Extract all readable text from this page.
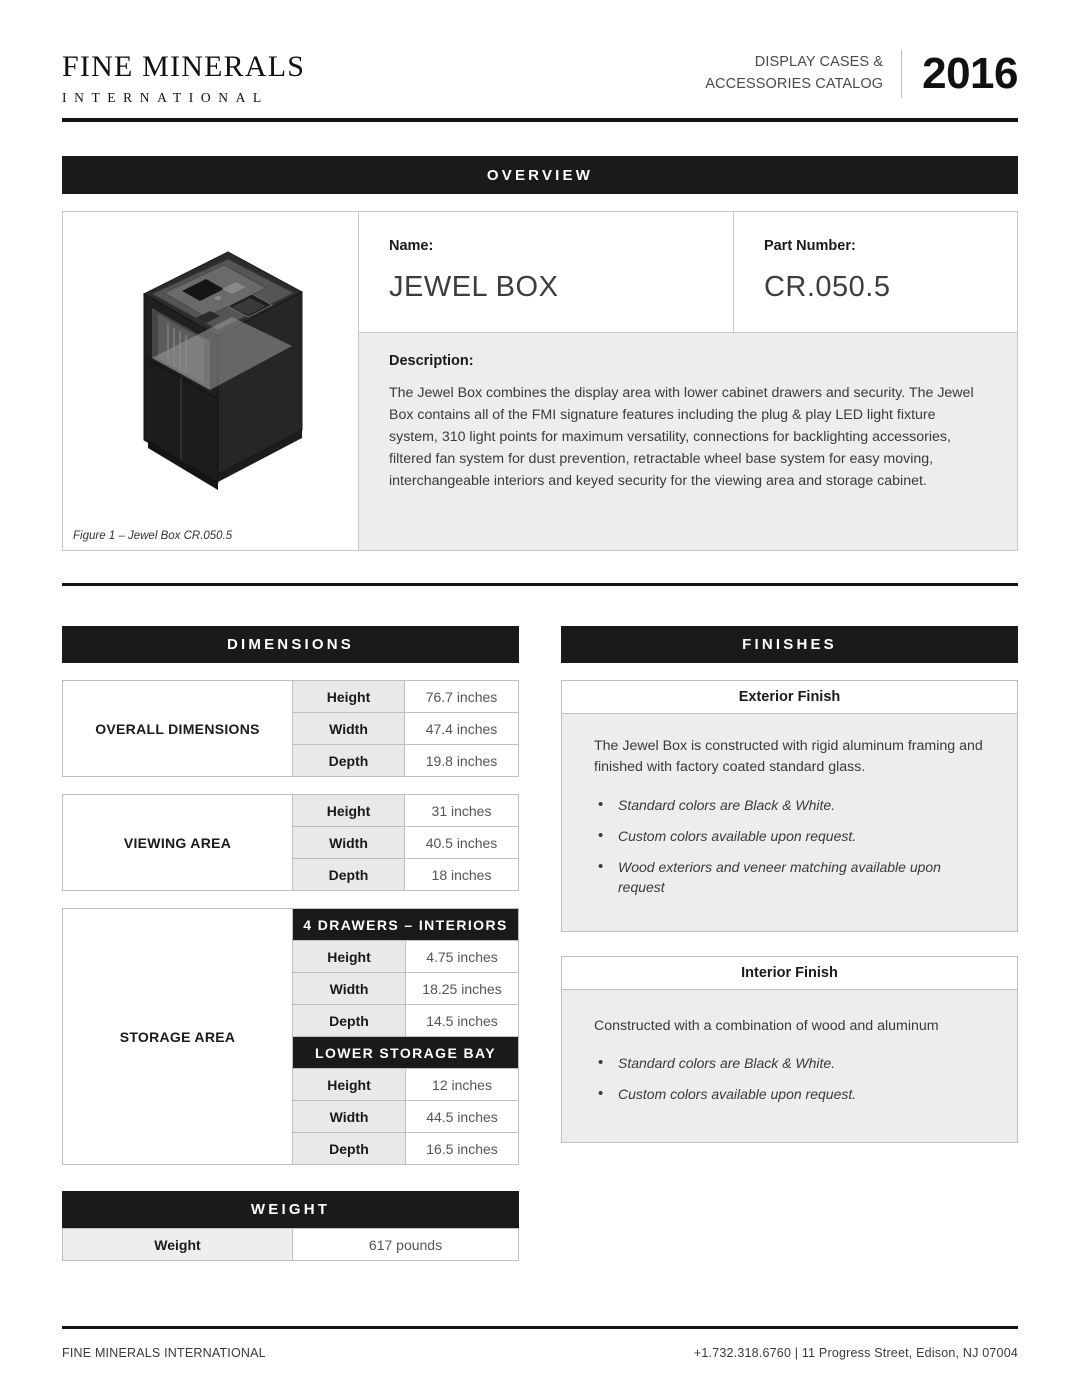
FINE MINERALS
INTERNATIONAL
DISPLAY CASES &
ACCESSORIES CATALOG 2016
OVERVIEW
Figure 1 – Jewel Box CR.050.5
Name:
JEWEL BOX
Part Number:
CR.050.5
Description:
The Jewel Box combines the display area with lower cabinet drawers and security. The Jewel Box contains all of the FMI signature features including the plug & play LED light fixture system, 310 light points for maximum versatility, connections for backlighting accessories, filtered fan system for dust prevention, retractable wheel base system for easy moving, interchangeable interiors and keyed security for the viewing area and storage cabinet.
DIMENSIONS
OVERALL DIMENSIONS	Height	76.7 inches
	Width	47.4 inches
	Depth	19.8 inches
VIEWING AREA	Height	31 inches
	Width	40.5 inches
	Depth	18 inches
STORAGE AREA	4 DRAWERS – INTERIORS	
	Height	4.75 inches
	Width	18.25 inches
	Depth	14.5 inches
	LOWER STORAGE BAY	
	Height	12 inches
	Width	44.5 inches
	Depth	16.5 inches
WEIGHT
Weight	617 pounds
FINISHES
Exterior Finish
The Jewel Box is constructed with rigid aluminum framing and finished with factory coated standard glass.
• Standard colors are Black & White.
• Custom colors available upon request.
• Wood exteriors and veneer matching available upon request
Interior Finish
Constructed with a combination of wood and aluminum
• Standard colors are Black & White.
• Custom colors available upon request.
FINE MINERALS INTERNATIONAL	+1.732.318.6760 | 11 Progress Street, Edison, NJ 07004
